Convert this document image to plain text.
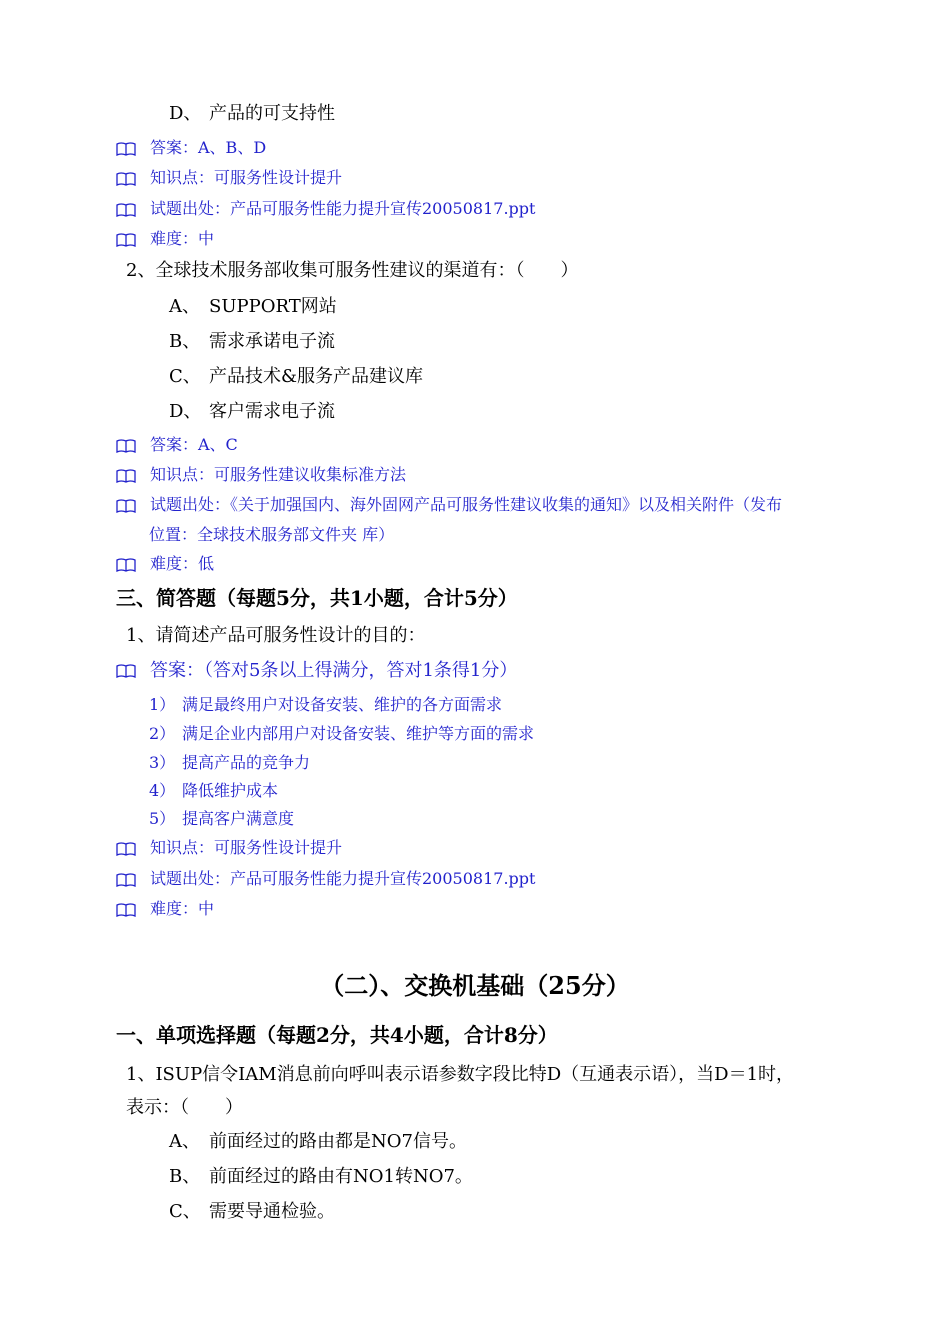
D、 产品的可支持性
答案：A、B、D
知识点：可服务性设计提升
试题出处：产品可服务性能力提升宣传20050817.ppt
难度：中
2、全球技术服务部收集可服务性建议的渠道有：（　　）
A、 SUPPORT网站
B、 需求承诺电子流
C、 产品技术&服务产品建议库
D、 客户需求电子流
答案：A、C
知识点：可服务性建议收集标准方法
试题出处：《关于加强国内、海外固网产品可服务性建议收集的通知》以及相关附件（发布
位置：全球技术服务部文件夹 库）
难度：低
三、简答题（每题5分，共1小题，合计5分）
1、请简述产品可服务性设计的目的：
答案：（答对5条以上得满分，答对1条得1分）
1） 满足最终用户对设备安装、维护的各方面需求
2） 满足企业内部用户对设备安装、维护等方面的需求
3） 提高产品的竞争力
4） 降低维护成本
5） 提高客户满意度
知识点：可服务性设计提升
试题出处：产品可服务性能力提升宣传20050817.ppt
难度：中
（二）、交换机基础（25分）
一、单项选择题（每题2分，共4小题，合计8分）
1、ISUP信令IAM消息前向呼叫表示语参数字段比特D（互通表示语），当D＝1时，
表示：（　　）
A、 前面经过的路由都是NO7信号。
B、 前面经过的路由有NO1转NO7。
C、 需要导通检验。
